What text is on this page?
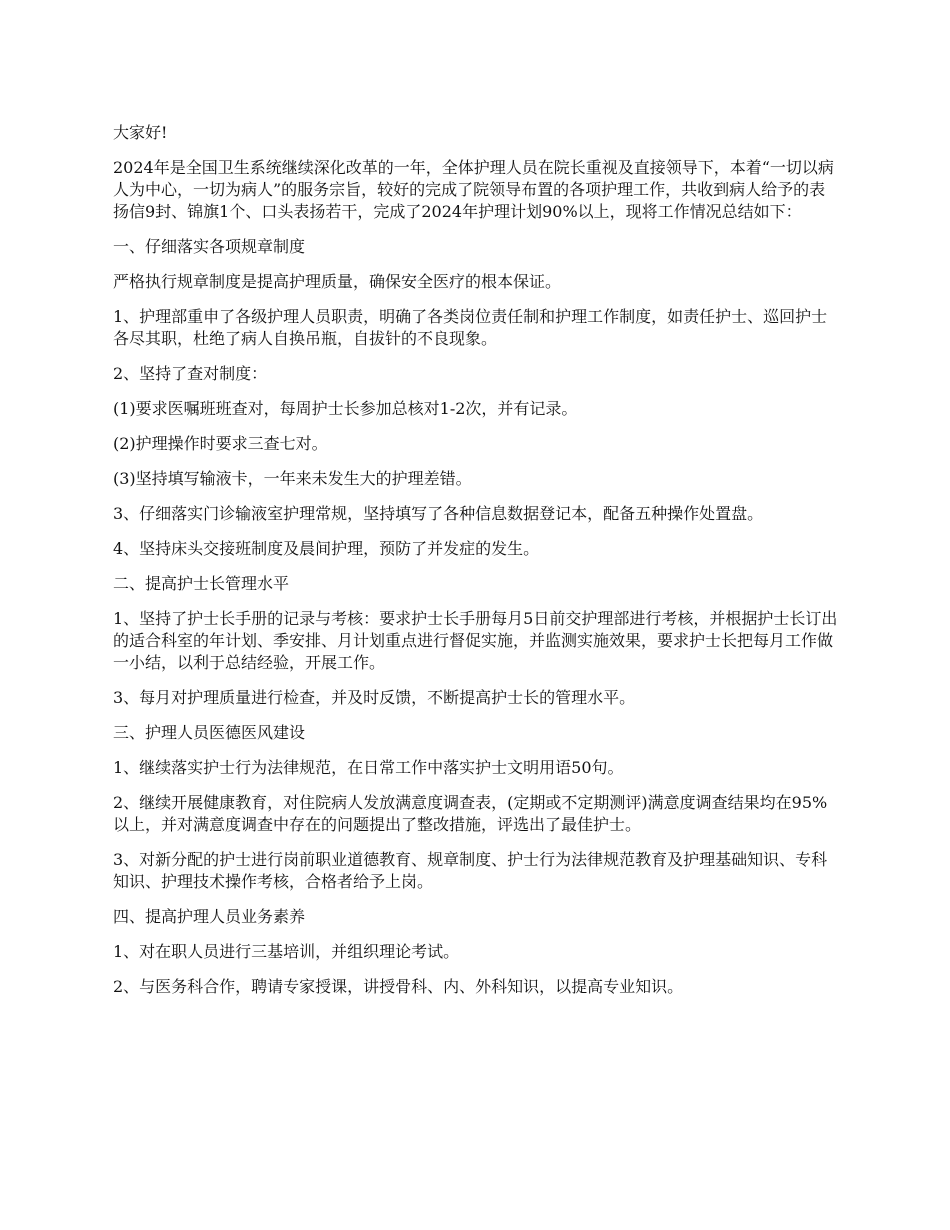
大家好!

2024年是全国卫生系统继续深化改革的一年，全体护理人员在院长重视及直接领导下，本着“一切以病人为中心，一切为病人”的服务宗旨，较好的完成了院领导布置的各项护理工作，共收到病人给予的表扬信9封、锦旗1个、口头表扬若干，完成了2024年护理计划90%以上，现将工作情况总结如下：

一、仔细落实各项规章制度

严格执行规章制度是提高护理质量，确保安全医疗的根本保证。

1、护理部重申了各级护理人员职责，明确了各类岗位责任制和护理工作制度，如责任护士、巡回护士各尽其职，杜绝了病人自换吊瓶，自拔针的不良现象。

2、坚持了查对制度：

(1)要求医嘱班班查对，每周护士长参加总核对1-2次，并有记录。

(2)护理操作时要求三查七对。

(3)坚持填写输液卡，一年来未发生大的护理差错。

3、仔细落实门诊输液室护理常规，坚持填写了各种信息数据登记本，配备五种操作处置盘。

4、坚持床头交接班制度及晨间护理，预防了并发症的发生。

二、提高护士长管理水平

1、坚持了护士长手册的记录与考核：要求护士长手册每月5日前交护理部进行考核，并根据护士长订出的适合科室的年计划、季安排、月计划重点进行督促实施，并监测实施效果，要求护士长把每月工作做一小结，以利于总结经验，开展工作。

3、每月对护理质量进行检查，并及时反馈，不断提高护士长的管理水平。

三、护理人员医德医风建设

1、继续落实护士行为法律规范，在日常工作中落实护士文明用语50句。

2、继续开展健康教育，对住院病人发放满意度调查表，(定期或不定期测评)满意度调查结果均在95%以上，并对满意度调查中存在的问题提出了整改措施，评选出了最佳护士。

3、对新分配的护士进行岗前职业道德教育、规章制度、护士行为法律规范教育及护理基础知识、专科知识、护理技术操作考核，合格者给予上岗。

四、提高护理人员业务素养

1、对在职人员进行三基培训，并组织理论考试。

2、与医务科合作，聘请专家授课，讲授骨科、内、外科知识，以提高专业知识。
